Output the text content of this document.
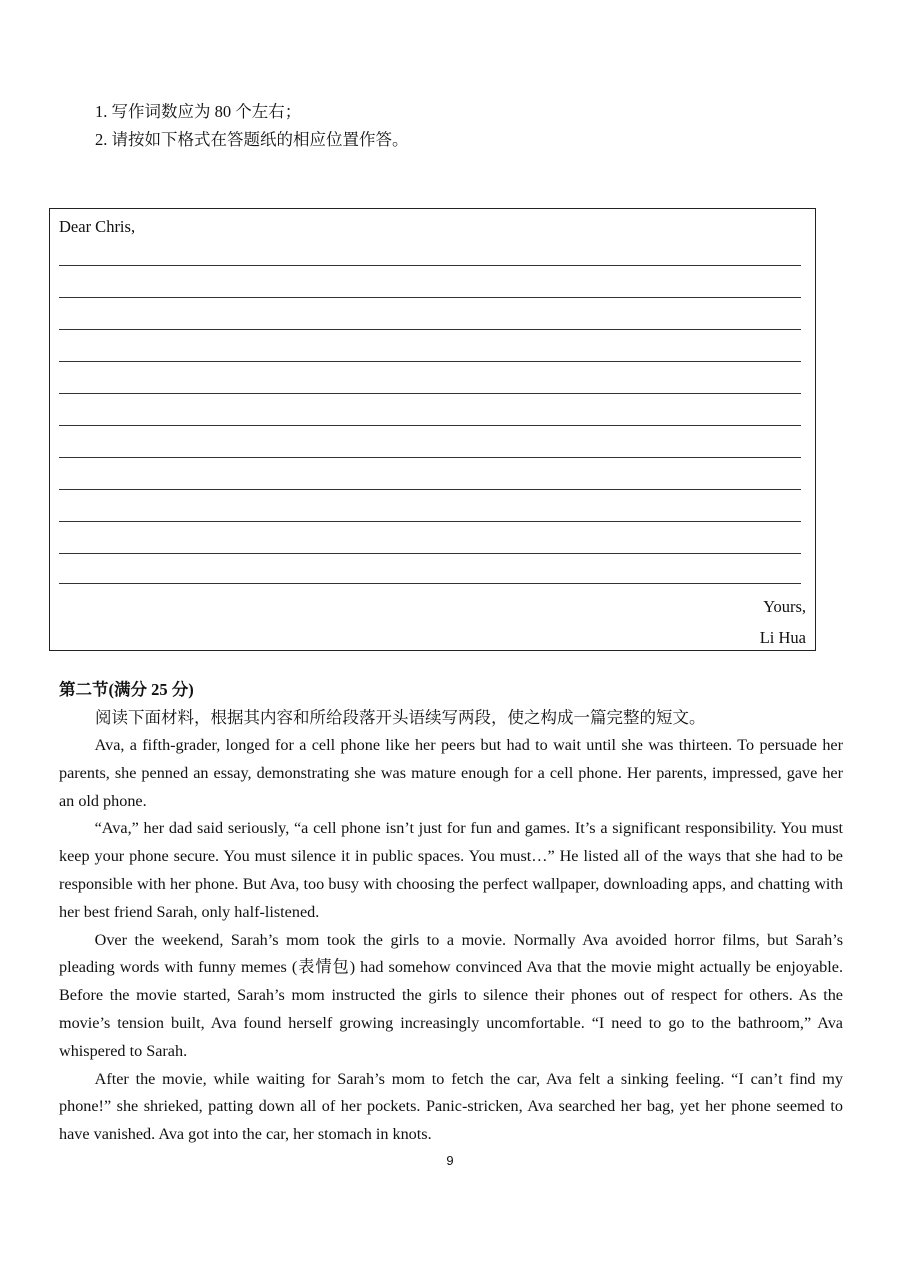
1. 写作词数应为 80 个左右；
2. 请按如下格式在答题纸的相应位置作答。
Dear Chris,
Yours,
Li Hua
第二节(满分 25 分)
阅读下面材料，根据其内容和所给段落开头语续写两段，使之构成一篇完整的短文。

Ava, a fifth-grader, longed for a cell phone like her peers but had to wait until she was thirteen. To persuade her parents, she penned an essay, demonstrating she was mature enough for a cell phone. Her parents, impressed, gave her an old phone.

“Ava,” her dad said seriously, “a cell phone isn’t just for fun and games. It’s a significant responsibility. You must keep your phone secure. You must silence it in public spaces. You must…” He listed all of the ways that she had to be responsible with her phone. But Ava, too busy with choosing the perfect wallpaper, downloading apps, and chatting with her best friend Sarah, only half-listened.

Over the weekend, Sarah’s mom took the girls to a movie. Normally Ava avoided horror films, but Sarah’s pleading words with funny memes (表情包) had somehow convinced Ava that the movie might actually be enjoyable. Before the movie started, Sarah’s mom instructed the girls to silence their phones out of respect for others. As the movie’s tension built, Ava found herself growing increasingly uncomfortable. “I need to go to the bathroom,” Ava whispered to Sarah.

After the movie, while waiting for Sarah’s mom to fetch the car, Ava felt a sinking feeling. “I can’t find my phone!” she shrieked, patting down all of her pockets. Panic-stricken, Ava searched her bag, yet her phone seemed to have vanished. Ava got into the car, her stomach in knots.

9
